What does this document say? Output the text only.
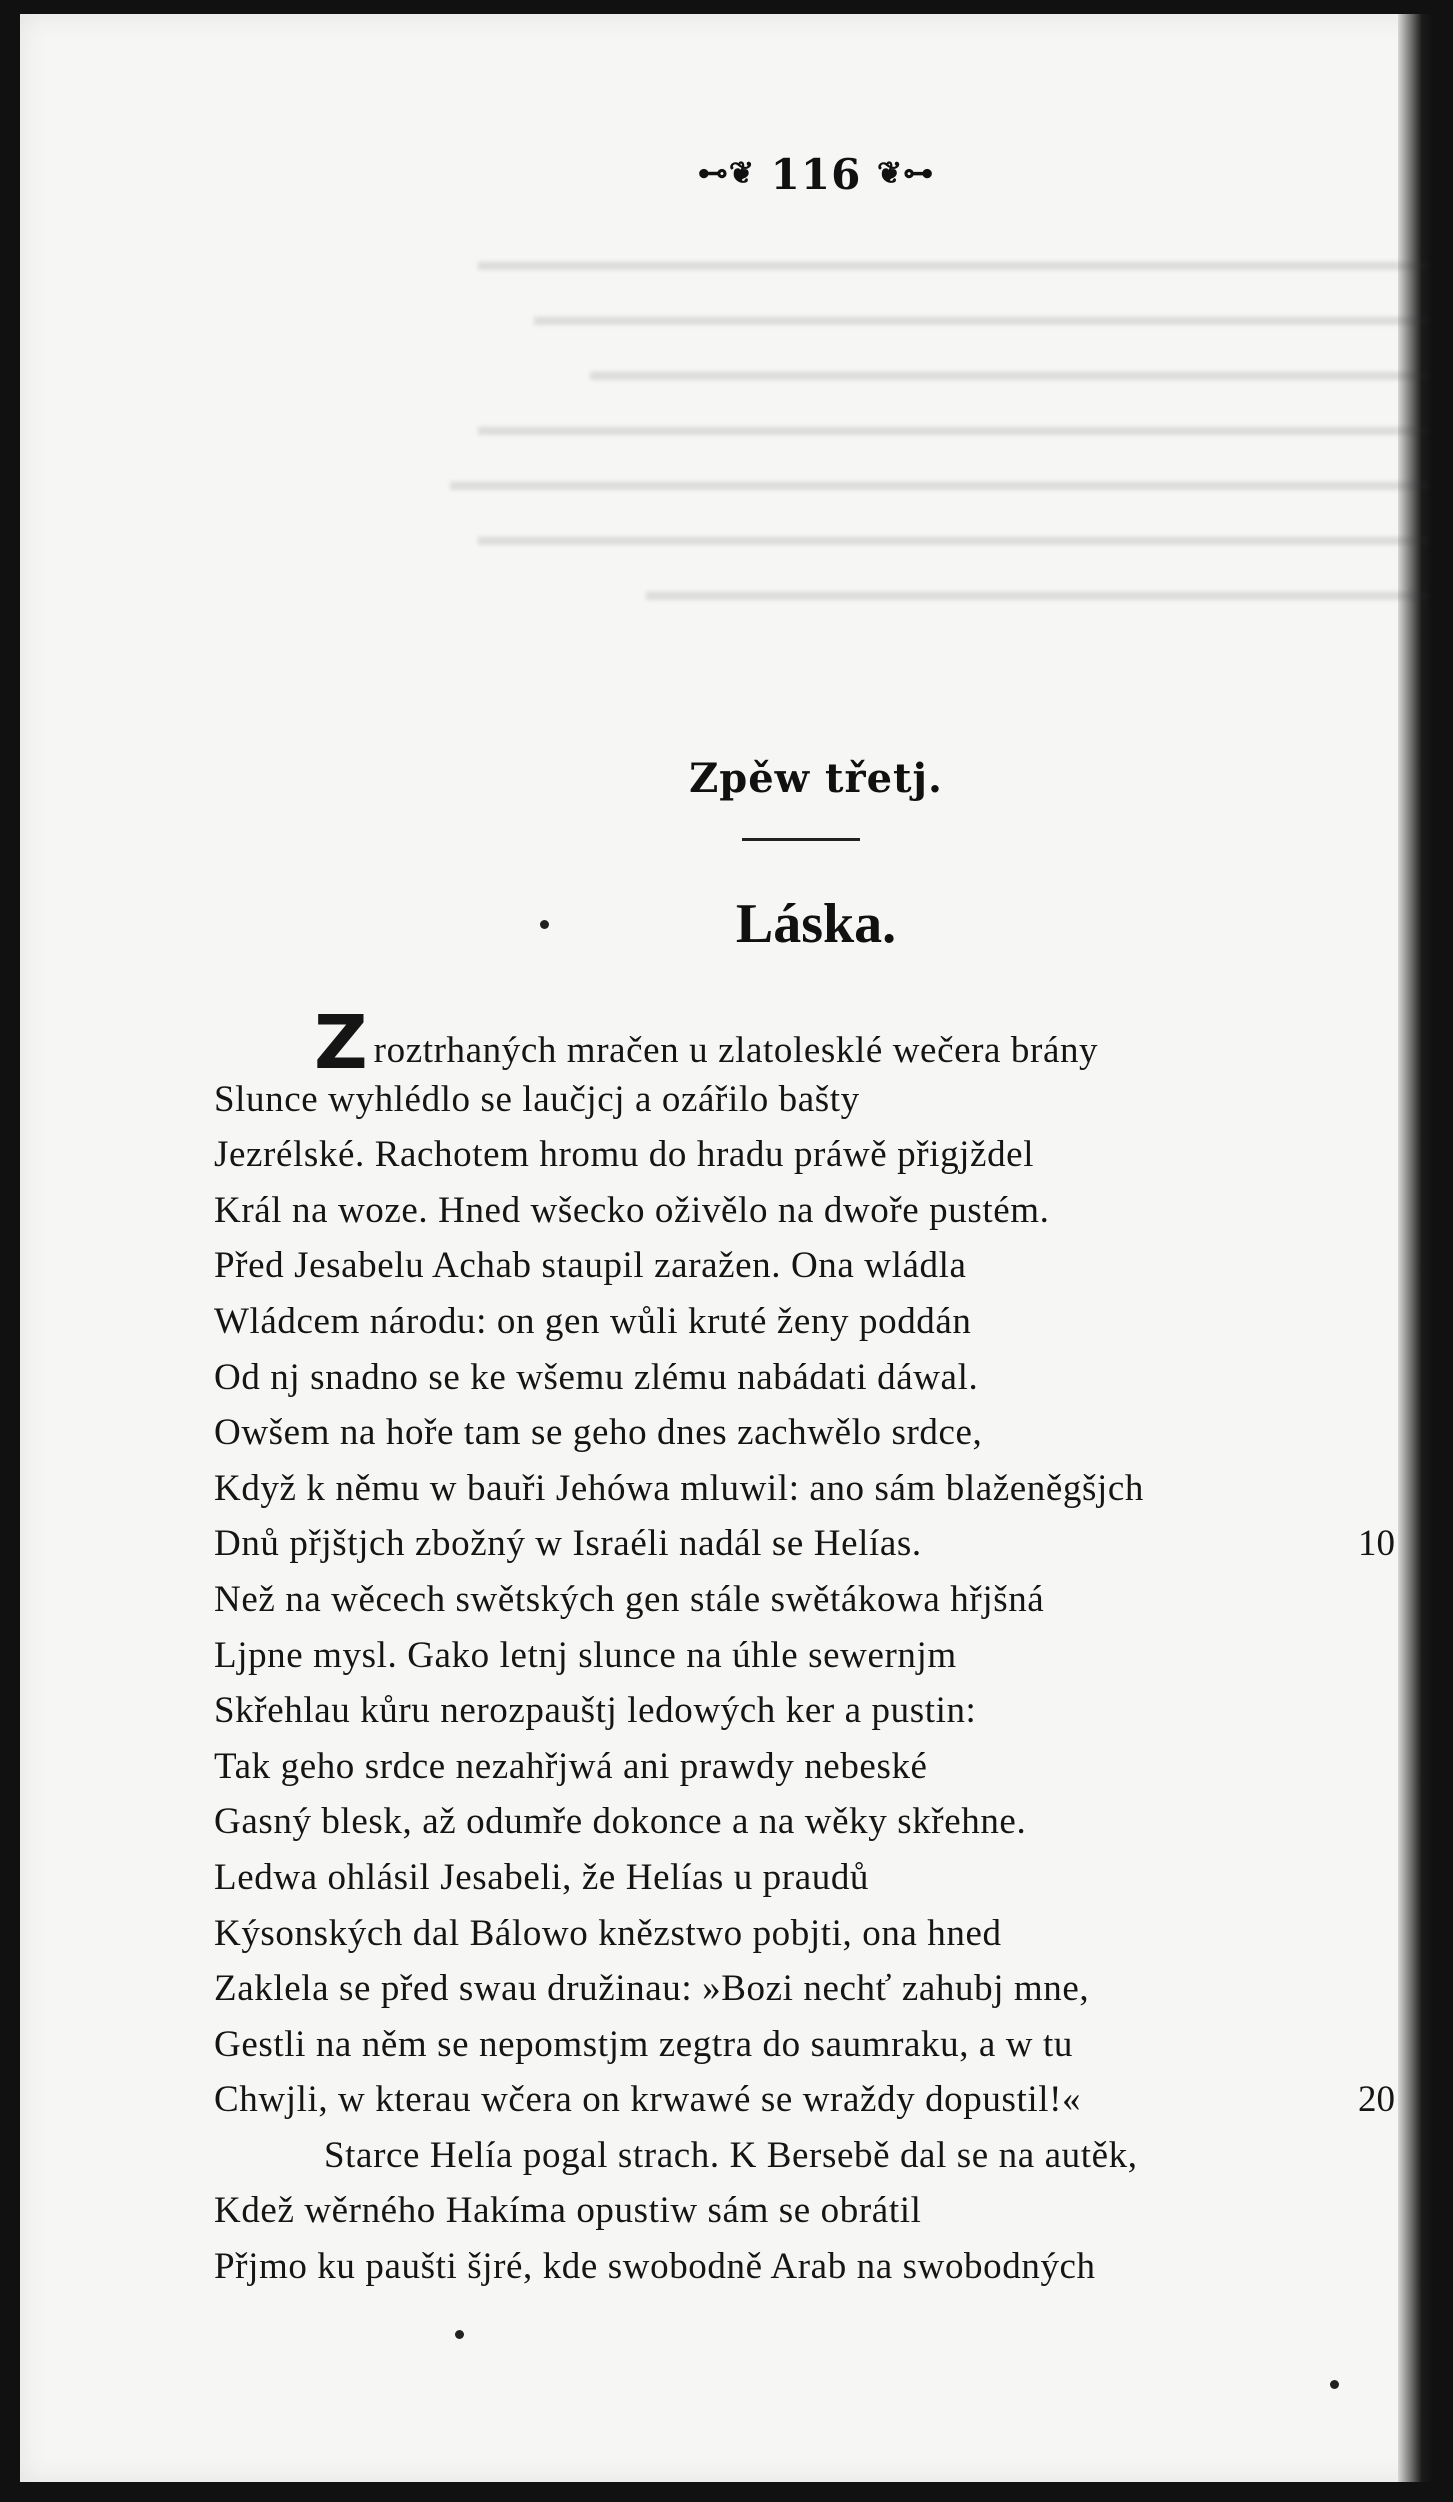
▬▬▬▬▬▬▬▬▬▬▬▬▬▬▬▬▬▬▬▬▬▬▬▬▬▬▬▬▬▬▬▬▬▬
▬▬▬▬▬▬▬▬▬▬▬▬▬▬▬▬▬▬▬▬▬▬▬▬▬▬▬▬▬▬▬▬
▬▬▬▬▬▬▬▬▬▬▬▬▬▬▬▬▬▬▬▬▬▬▬▬▬▬▬▬▬▬
▬▬▬▬▬▬▬▬▬▬▬▬▬▬▬▬▬▬▬▬▬▬▬▬▬▬▬▬▬▬▬▬▬▬
▬▬▬▬▬▬▬▬▬▬▬▬▬▬▬▬▬▬▬▬▬▬▬▬▬▬▬▬▬▬▬▬▬▬▬
▬▬▬▬▬▬▬▬▬▬▬▬▬▬▬▬▬▬▬▬▬▬▬▬▬▬▬▬▬▬▬▬▬▬
▬▬▬▬▬▬▬▬▬▬▬▬▬▬▬▬▬▬▬▬▬▬▬▬▬▬▬▬
⊷❦ 116 ❦⊶
Zpěw třetj.
Láska.
Z roztrhaných mračen u zlatolesklé wečera brány
Slunce wyhlédlo se laučjcj a ozářilo bašty
Jezrélské. Rachotem hromu do hradu práwě přigjždel
Král na woze. Hned wšecko oživělo na dwoře pustém.
Před Jesabelu Achab staupil zaražen. Ona wládla
Wládcem národu: on gen wůli kruté ženy poddán
Od nj snadno se ke wšemu zlému nabádati dáwal.
Owšem na hoře tam se geho dnes zachwělo srdce,
Když k němu w bauři Jehówa mluwil: ano sám blaženěgšjch
Dnů přjštjch zbožný w Israéli nadál se Helías.	10
Než na wěcech swětských gen stále swětákowa hřjšná
Ljpne mysl. Gako letnj slunce na úhle sewernjm
Skřehlau kůru nerozpauštj ledowých ker a pustin:
Tak geho srdce nezahřjwá ani prawdy nebeské
Gasný blesk, až odumře dokonce a na wěky skřehne.
Ledwa ohlásil Jesabeli, že Helías u praudů
Kýsonských dal Bálowo knězstwo pobjti, ona hned
Zaklela se před swau družinau: »Bozi nechť zahubj mne,
Gestli na něm se nepomstjm zegtra do saumraku, a w tu
Chwjli, w kterau wčera on krwawé se wraždy dopustil!«	20
Starce Helía pogal strach. K Bersebě dal se na autěk,
Kdež wěrného Hakíma opustiw sám se obrátil
Přjmo ku paušti šjré, kde swobodně Arab na swobodných
